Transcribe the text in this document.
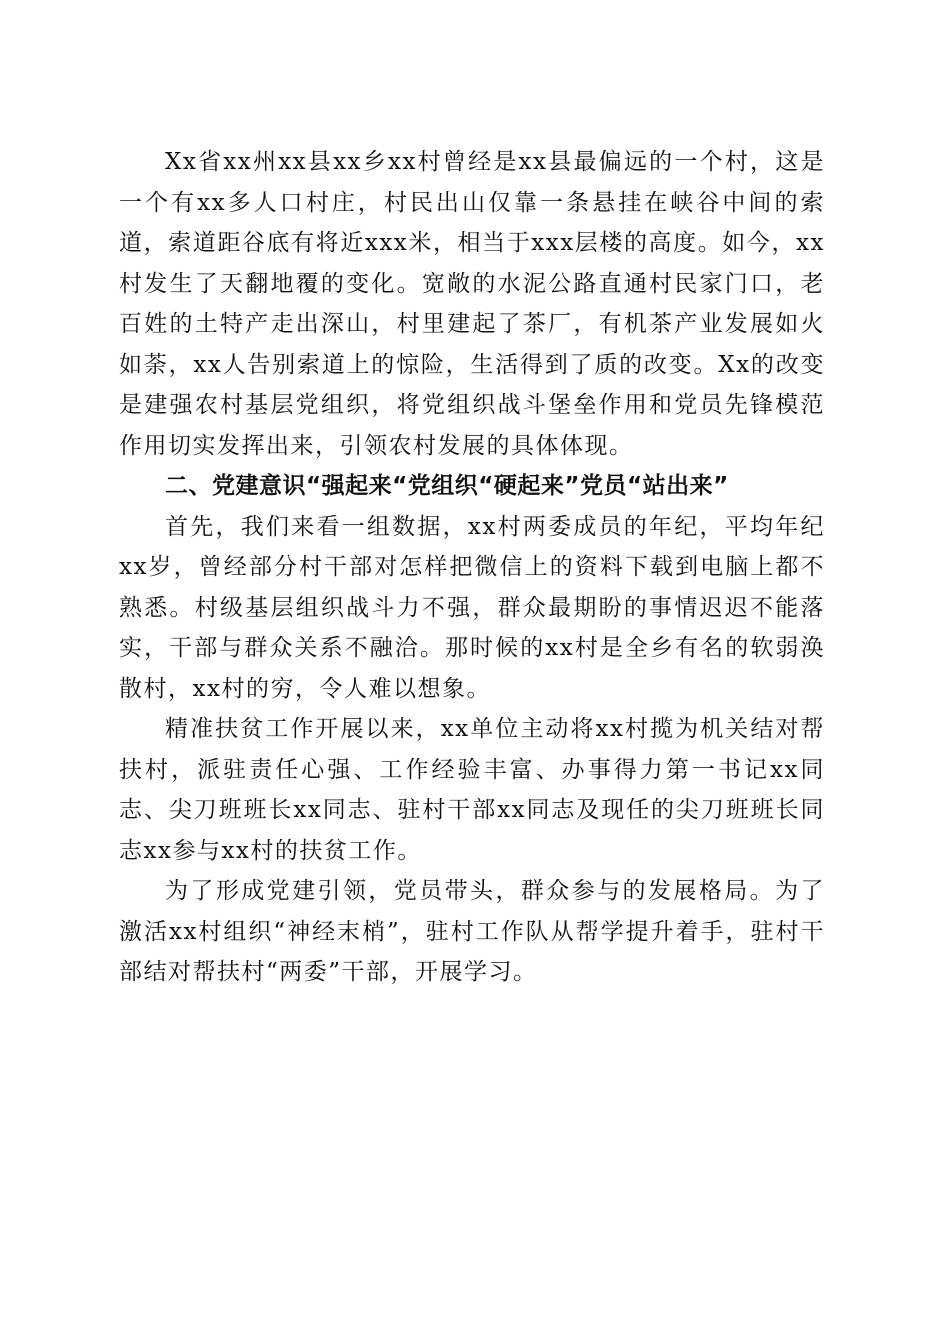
Xx省xx州xx县xx乡xx村曾经是xx县最偏远的一个村，这是一个有xx多人口村庄，村民出山仅靠一条悬挂在峡谷中间的索道，索道距谷底有将近xxx米，相当于xxx层楼的高度。如今，xx村发生了天翻地覆的变化。宽敞的水泥公路直通村民家门口，老百姓的土特产走出深山，村里建起了茶厂，有机茶产业发展如火如荼，xx人告别索道上的惊险，生活得到了质的改变。Xx的改变是建强农村基层党组织，将党组织战斗堡垒作用和党员先锋模范作用切实发挥出来，引领农村发展的具体体现。

二、党建意识“强起来“党组织“硬起来”党员“站出来”

首先，我们来看一组数据，xx村两委成员的年纪，平均年纪xx岁，曾经部分村干部对怎样把微信上的资料下载到电脑上都不熟悉。村级基层组织战斗力不强，群众最期盼的事情迟迟不能落实，干部与群众关系不融洽。那时候的xx村是全乡有名的软弱涣散村，xx村的穷，令人难以想象。

精准扶贫工作开展以来，xx单位主动将xx村揽为机关结对帮扶村，派驻责任心强、工作经验丰富、办事得力第一书记xx同志、尖刀班班长xx同志、驻村干部xx同志及现任的尖刀班班长同志xx参与xx村的扶贫工作。

为了形成党建引领，党员带头，群众参与的发展格局。为了激活xx村组织“神经末梢”，驻村工作队从帮学提升着手，驻村干部结对帮扶村“两委”干部，开展学习。
